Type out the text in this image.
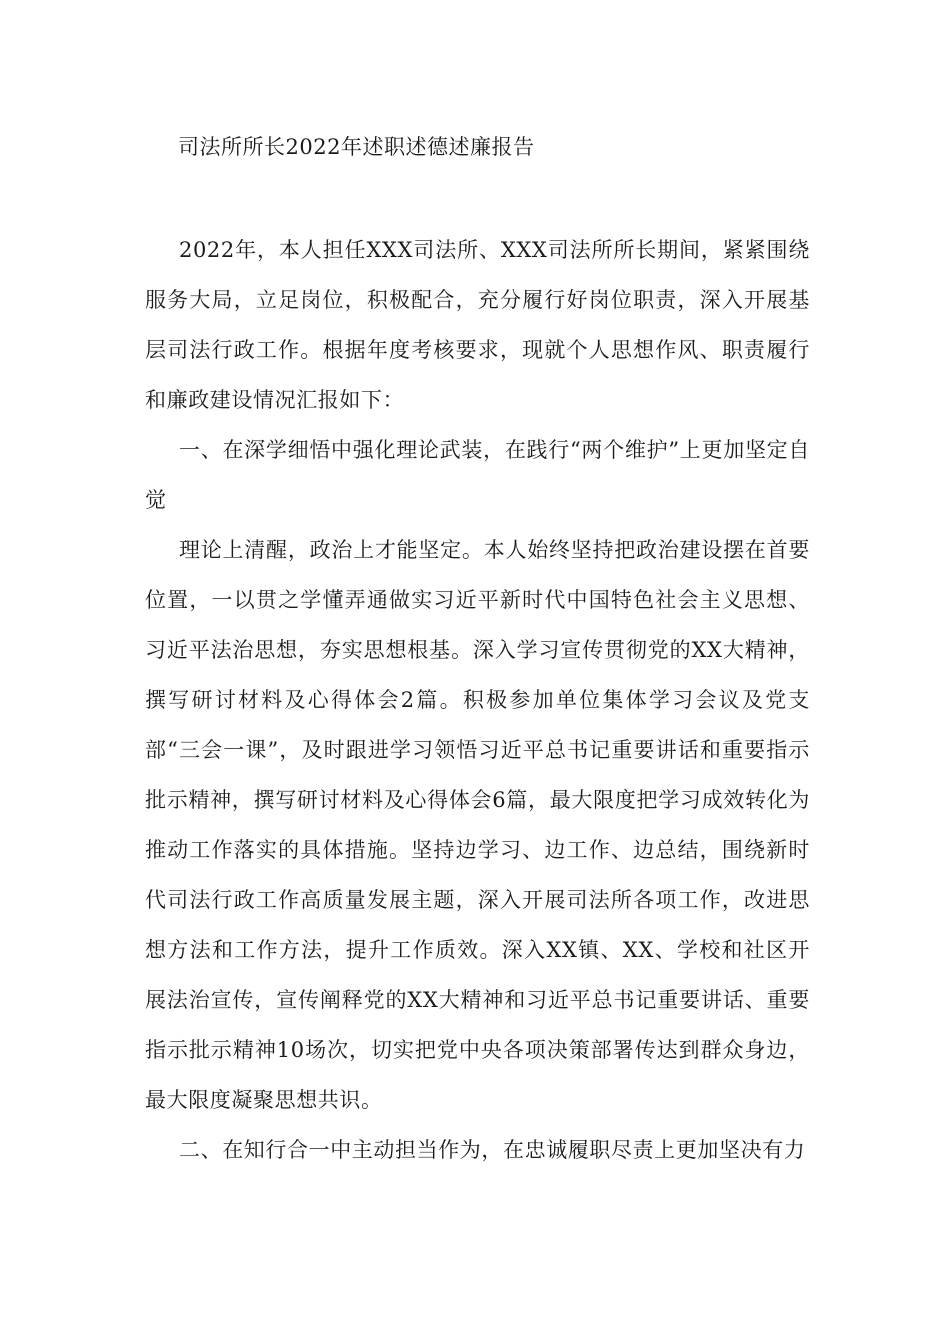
司法所所长2022年述职述德述廉报告

2022年，本人担任XXX司法所、XXX司法所所长期间，紧紧围绕服务大局，立足岗位，积极配合，充分履行好岗位职责，深入开展基层司法行政工作。根据年度考核要求，现就个人思想作风、职责履行和廉政建设情况汇报如下：

一、在深学细悟中强化理论武装，在践行“两个维护”上更加坚定自觉

理论上清醒，政治上才能坚定。本人始终坚持把政治建设摆在首要位置，一以贯之学懂弄通做实习近平新时代中国特色社会主义思想、习近平法治思想，夯实思想根基。深入学习宣传贯彻党的XX大精神，撰写研讨材料及心得体会2篇。积极参加单位集体学习会议及党支部“三会一课”，及时跟进学习领悟习近平总书记重要讲话和重要指示批示精神，撰写研讨材料及心得体会6篇，最大限度把学习成效转化为推动工作落实的具体措施。坚持边学习、边工作、边总结，围绕新时代司法行政工作高质量发展主题，深入开展司法所各项工作，改进思想方法和工作方法，提升工作质效。深入XX镇、XX、学校和社区开展法治宣传，宣传阐释党的XX大精神和习近平总书记重要讲话、重要指示批示精神10场次，切实把党中央各项决策部署传达到群众身边，最大限度凝聚思想共识。

二、在知行合一中主动担当作为，在忠诚履职尽责上更加坚决有力
